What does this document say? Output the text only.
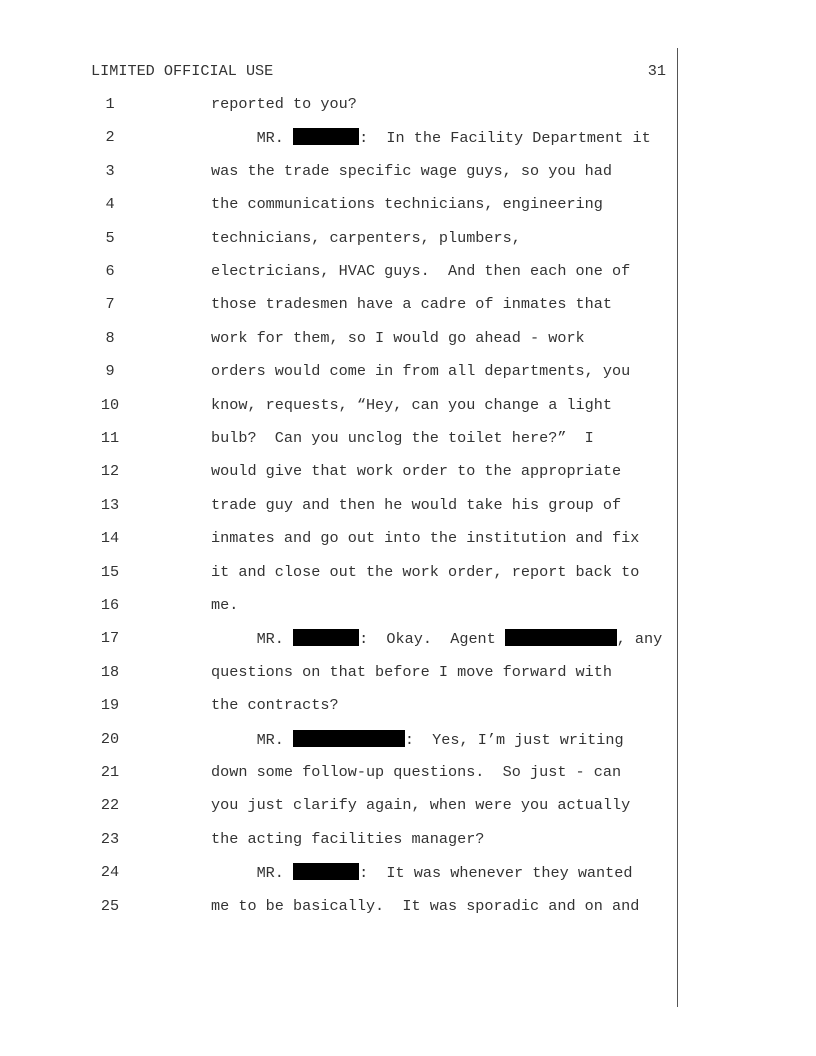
LIMITED OFFICIAL USE	31
1	reported to you?
2	MR.	:  In the Facility Department it
3	was the trade specific wage guys, so you had
4	the communications technicians, engineering
5	technicians, carpenters, plumbers,
6	electricians, HVAC guys.  And then each one of
7	those tradesmen have a cadre of inmates that
8	work for them, so I would go ahead - work
9	orders would come in from all departments, you
10	know, requests, “Hey, can you change a light
11	bulb?  Can you unclog the toilet here?”  I
12	would give that work order to the appropriate
13	trade guy and then he would take his group of
14	inmates and go out into the institution and fix
15	it and close out the work order, report back to
16	me.
17	MR.	:  Okay.  Agent	, any
18	questions on that before I move forward with
19	the contracts?
20	MR.	:  Yes, I’m just writing
21	down some follow-up questions.  So just - can
22	you just clarify again, when were you actually
23	the acting facilities manager?
24	MR.	:  It was whenever they wanted
25	me to be basically.  It was sporadic and on and
